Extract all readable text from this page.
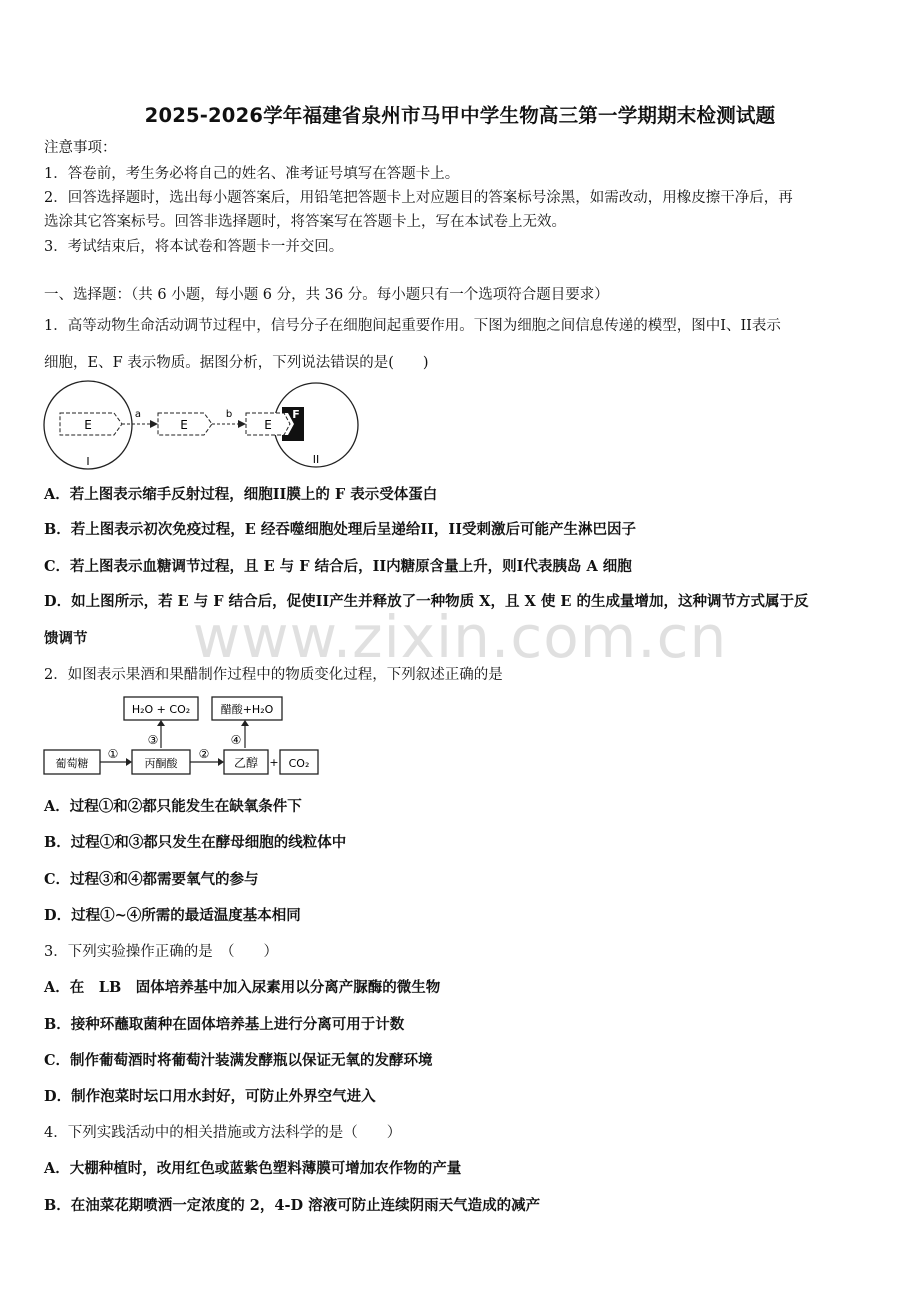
2025-2026学年福建省泉州市马甲中学生物高三第一学期期末检测试题
注意事项：
1．答卷前，考生务必将自己的姓名、准考证号填写在答题卡上。
2．回答选择题时，选出每小题答案后，用铅笔把答题卡上对应题目的答案标号涂黑，如需改动，用橡皮擦干净后，再
选涂其它答案标号。回答非选择题时，将答案写在答题卡上，写在本试卷上无效。
3．考试结束后，将本试卷和答题卡一并交回。
一、选择题：（共 6 小题，每小题 6 分，共 36 分。每小题只有一个选项符合题目要求）
1．高等动物生命活动调节过程中，信号分子在细胞间起重要作用。下图为细胞之间信息传递的模型，图中I、II表示
细胞，E、F 表示物质。据图分析，下列说法错误的是(　　)
E
a
E
b
E
F
I	II
A．若上图表示缩手反射过程，细胞II膜上的 F 表示受体蛋白
B．若上图表示初次免疫过程，E 经吞噬细胞处理后呈递给II，II受刺激后可能产生淋巴因子
C．若上图表示血糖调节过程，且 E 与 F 结合后，II内糖原含量上升，则I代表胰岛 A 细胞
D．如上图所示，若 E 与 F 结合后，促使II产生并释放了一种物质 X，且 X 使 E 的生成量增加，这种调节方式属于反
馈调节
2．如图表示果酒和果醋制作过程中的物质变化过程，下列叙述正确的是
H₂O + CO₂	醋酸+H₂O
③	④
葡萄糖
①
丙酮酸
②
乙醇 + CO₂
A．过程①和②都只能发生在缺氧条件下
B．过程①和③都只发生在酵母细胞的线粒体中
C．过程③和④都需要氧气的参与
D．过程①~④所需的最适温度基本相同
3．下列实验操作正确的是　（　　）
A．在　LB　固体培养基中加入尿素用以分离产脲酶的微生物
B．接种环蘸取菌种在固体培养基上进行分离可用于计数
C．制作葡萄酒时将葡萄汁装满发酵瓶以保证无氧的发酵环境
D．制作泡菜时坛口用水封好，可防止外界空气进入
4．下列实践活动中的相关措施或方法科学的是（　　）
A．大棚种植时，改用红色或蓝紫色塑料薄膜可增加农作物的产量
B．在油菜花期喷洒一定浓度的 2，4-D 溶液可防止连续阴雨天气造成的减产
www.zixin.com.cn
